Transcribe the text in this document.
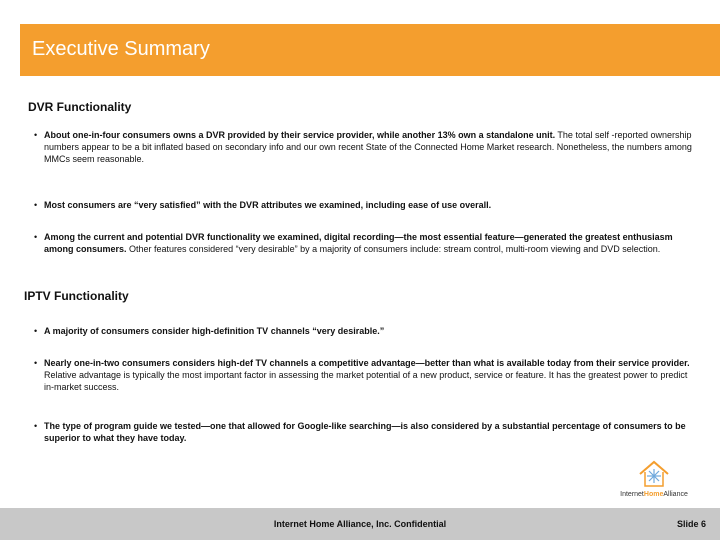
Executive Summary
DVR Functionality
• About one-in-four consumers owns a DVR provided by their service provider, while another 13% own a standalone unit. The total self -reported ownership numbers appear to be a bit inflated based on secondary info and our own recent State of the Connected Home Market research. Nonetheless, the numbers among MMCs seem reasonable.
• Most consumers are “very satisfied” with the DVR attributes we examined, including ease of use overall.
• Among the current and potential DVR functionality we examined, digital recording—the most essential feature—generated the greatest enthusiasm among consumers. Other features considered “very desirable” by a majority of consumers include: stream control, multi-room viewing and DVD selection.
IPTV Functionality
• A majority of consumers consider high-definition TV channels “very desirable.”
• Nearly one-in-two consumers considers high-def TV channels a competitive advantage—better than what is available today from their service provider. Relative advantage is typically the most important factor in assessing the market potential of a new product, service or feature. It has the greatest power to predict in-market success.
• The type of program guide we tested—one that allowed for Google-like searching—is also considered by a substantial percentage of consumers to be superior to what they have today.
InternetHomeAlliance
Internet Home Alliance, Inc. Confidential	Slide 6
